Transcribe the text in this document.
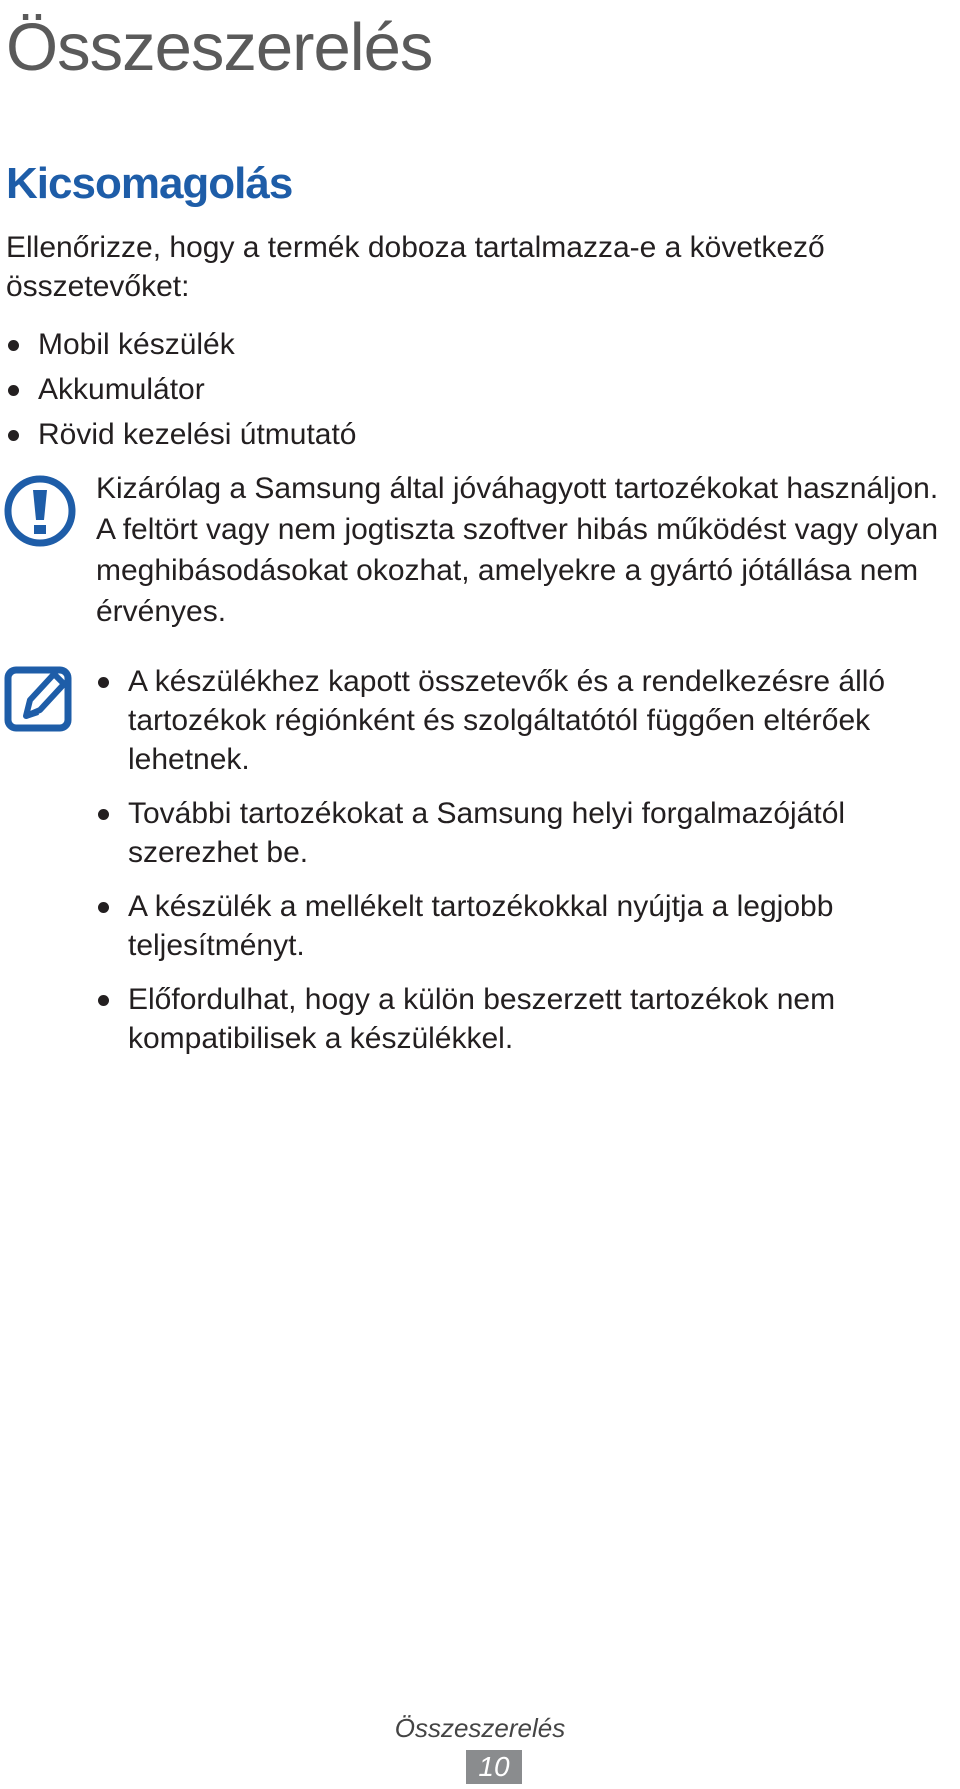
Összeszerelés
Kicsomagolás

Ellenőrizze, hogy a termék doboza tartalmazza-e a következő összetevőket:

Mobil készülék
Akkumulátor
Rövid kezelési útmutató

Kizárólag a Samsung által jóváhagyott tartozékokat használjon. A feltört vagy nem jogtiszta szoftver hibás működést vagy olyan meghibásodásokat okozhat, amelyekre a gyártó jótállása nem érvényes.

A készülékhez kapott összetevők és a rendelkezésre álló tartozékok régiónként és szolgáltatótól függően eltérőek lehetnek.
További tartozékokat a Samsung helyi forgalmazójától szerezhet be.
A készülék a mellékelt tartozékokkal nyújtja a legjobb teljesítményt.
Előfordulhat, hogy a külön beszerzett tartozékok nem kompatibilisek a készülékkel.
Összeszerelés
10
